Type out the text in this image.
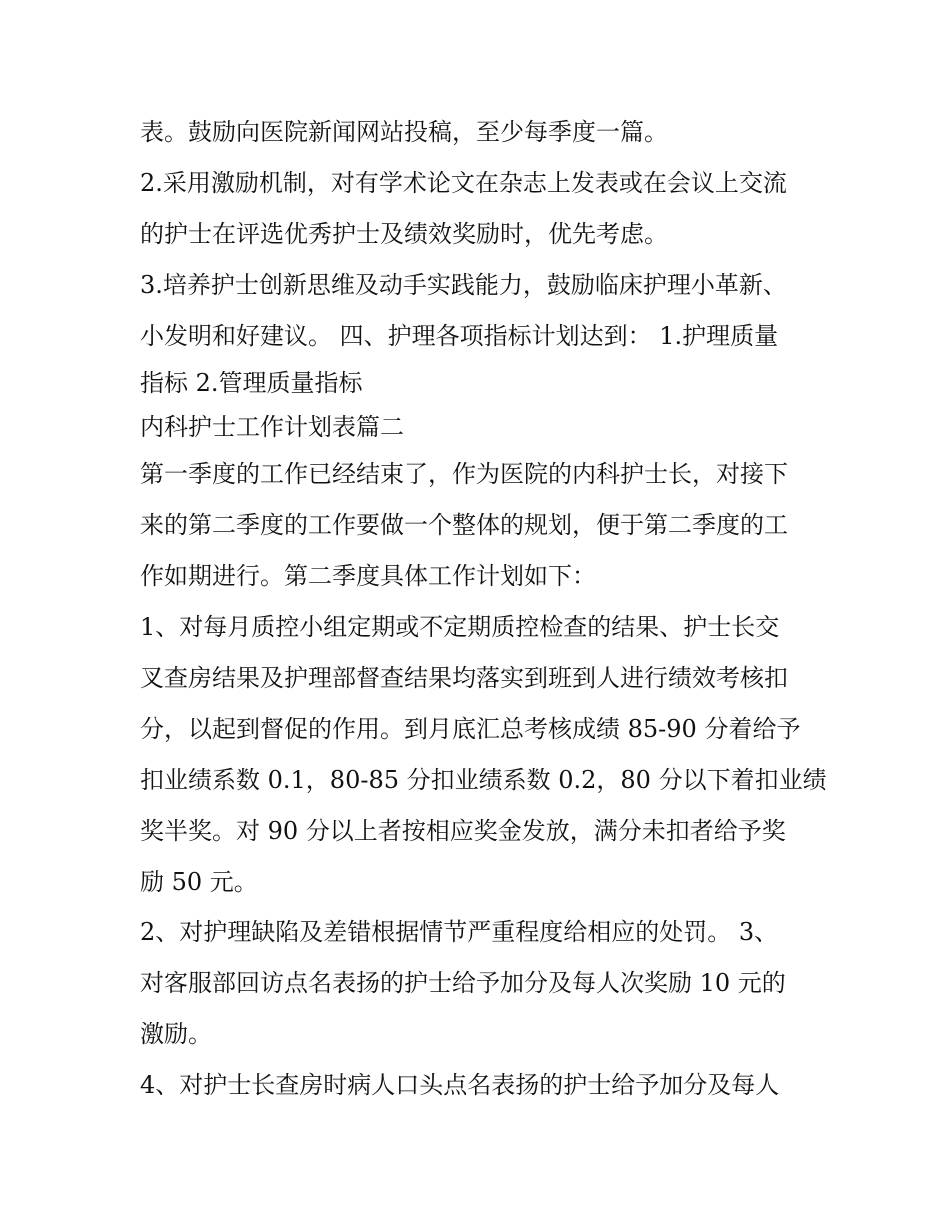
表。鼓励向医院新闻网站投稿，至少每季度一篇。
2.采用激励机制，对有学术论文在杂志上发表或在会议上交流
的护士在评选优秀护士及绩效奖励时，优先考虑。
3.培养护士创新思维及动手实践能力，鼓励临床护理小革新、
小发明和好建议。 四、护理各项指标计划达到： 1.护理质量
指标 2.管理质量指标
内科护士工作计划表篇二
第一季度的工作已经结束了，作为医院的内科护士长，对接下
来的第二季度的工作要做一个整体的规划，便于第二季度的工
作如期进行。第二季度具体工作计划如下：
1、对每月质控小组定期或不定期质控检查的结果、护士长交
叉查房结果及护理部督查结果均落实到班到人进行绩效考核扣
分，以起到督促的作用。到月底汇总考核成绩 85-90 分着给予
扣业绩系数 0.1，80-85 分扣业绩系数 0.2，80 分以下着扣业绩
奖半奖。对 90 分以上者按相应奖金发放，满分未扣者给予奖
励 50 元。
2、对护理缺陷及差错根据情节严重程度给相应的处罚。 3、
对客服部回访点名表扬的护士给予加分及每人次奖励 10 元的
激励。
4、对护士长查房时病人口头点名表扬的护士给予加分及每人
